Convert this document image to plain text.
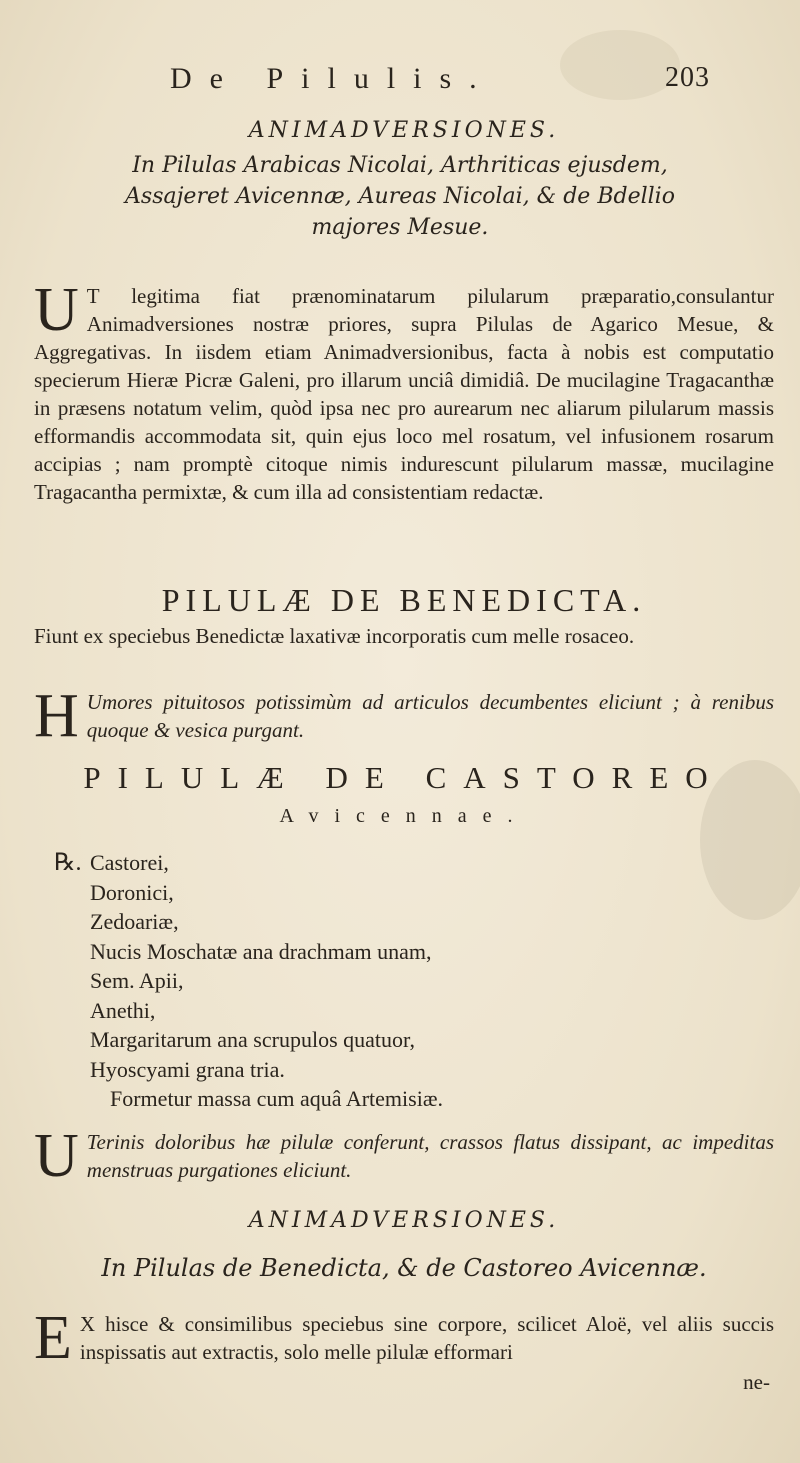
De Pilulis.	203
ANIMADVERSIONES.
In Pilulas Arabicas Nicolai, Arthriticas ejusdem, Assajeret Avicennæ, Aureas Nicolai, & de Bdellio majores Mesue.
U T legitima fiat prænominatarum pilularum præparatio,consulantur Animadversiones nostræ priores, supra Pilulas de Agarico Mesue, & Aggregativas. In iisdem etiam Animadversionibus, facta à nobis est computatio specierum Hieræ Picræ Galeni, pro illarum unciâ dimidiâ. De mucilagine Tragacanthæ in præsens notatum velim, quòd ipsa nec pro aurearum nec aliarum pilularum massis efformandis accommodata sit, quin ejus loco mel rosatum, vel infusionem rosarum accipias ; nam promptè citoque nimis indurescunt pilularum massæ, mucilagine Tragacantha permixtæ, & cum illa ad consistentiam redactæ.
PILULÆ DE BENEDICTA.
Fiunt ex speciebus Benedictæ laxativæ incorporatis cum melle rosaceo.
H Umores pituitosos potissimùm ad articulos decumbentes eliciunt ; à renibus quoque & vesica purgant.
PILULÆ DE CASTOREO
Avicennae.
℞. Castorei,
Doronici,
Zedoariæ,
Nucis Moschatæ ana drachmam unam,
Sem. Apii,
Anethi,
Margaritarum ana scrupulos quatuor,
Hyoscyami grana tria.
Formetur massa cum aquâ Artemisiæ.
U Terinis doloribus hæ pilulæ conferunt, crassos flatus dissipant, ac impeditas menstruas purgationes eliciunt.
ANIMADVERSIONES.
In Pilulas de Benedicta, & de Castoreo Avicennæ.
E X hisce & consimilibus speciebus sine corpore, scilicet Aloë, vel aliis succis inspissatis aut extractis, solo melle pilulæ efformari
ne-
